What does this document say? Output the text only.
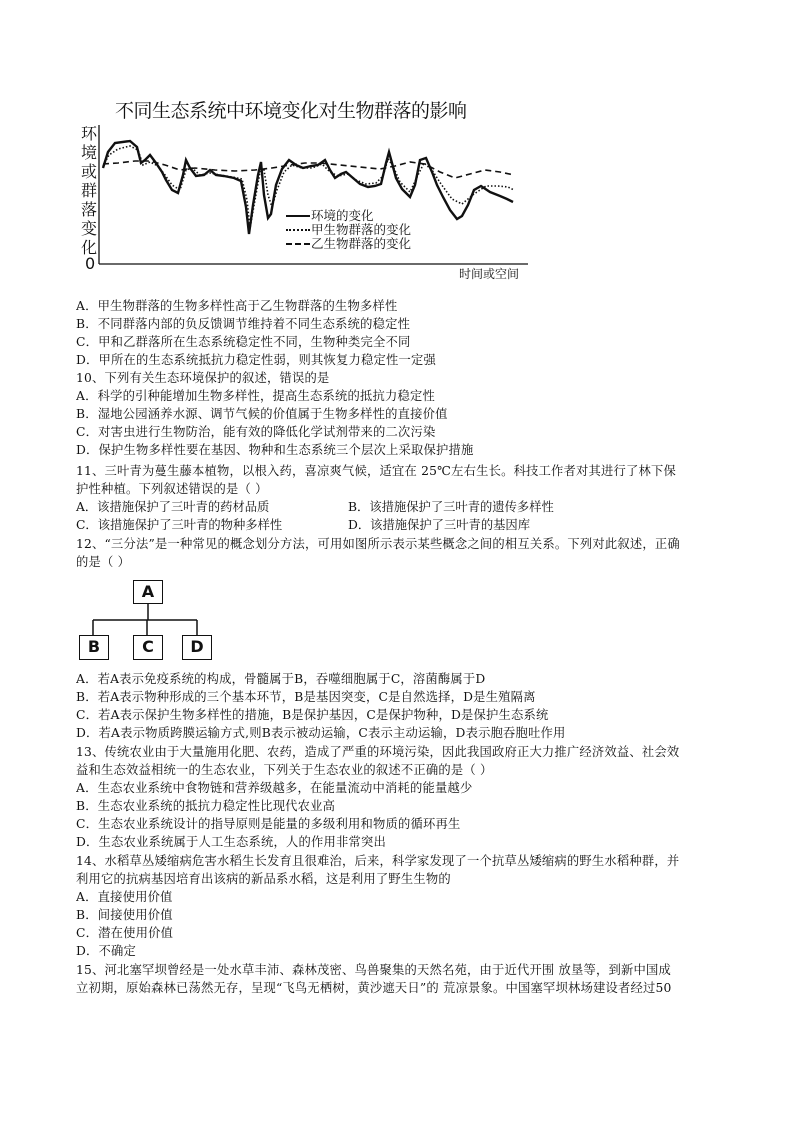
不同生态系统中环境变化对生物群落的影响
环境或群落变化
0
时间或空间
环境的变化
甲生物群落的变化
乙生物群落的变化

A．甲生物群落的生物多样性高于乙生物群落的生物多样性

B．不同群落内部的负反馈调节维持着不同生态系统的稳定性

C．甲和乙群落所在生态系统稳定性不同，生物种类完全不同

D．甲所在的生态系统抵抗力稳定性弱，则其恢复力稳定性一定强

10、下列有关生态环境保护的叙述，错误的是

A．科学的引种能增加生物多样性，提高生态系统的抵抗力稳定性

B．湿地公园涵养水源、调节气候的价值属于生物多样性的直接价值

C．对害虫进行生物防治，能有效的降低化学试剂带来的二次污染

D．保护生物多样性要在基因、物种和生态系统三个层次上采取保护措施

11、三叶青为蔓生藤本植物，以根入药，喜凉爽气候，适宜在 25℃左右生长。科技工作者对其进行了林下保

护性种植。下列叙述错误的是（ ）

A．该措施保护了三叶青的药材品质	B．该措施保护了三叶青的遗传多样性
C．该措施保护了三叶青的物种多样性	D．该措施保护了三叶青的基因库

12、“三分法”是一种常见的概念划分方法，可用如图所示表示某些概念之间的相互关系。下列对此叙述，正确

的是（ ）

A
B	C	D

A．若A表示免疫系统的构成，骨髓属于B，吞噬细胞属于C，溶菌酶属于D

B．若A表示物种形成的三个基本环节，B是基因突变，C是自然选择，D是生殖隔离

C．若A表示保护生物多样性的措施，B是保护基因，C是保护物种，D是保护生态系统

D．若A表示物质跨膜运输方式,则B表示被动运输，C表示主动运输，D表示胞吞胞吐作用

13、传统农业由于大量施用化肥、农药，造成了严重的环境污染，因此我国政府正大力推广经济效益、社会效

益和生态效益相统一的生态农业，下列关于生态农业的叙述不正确的是（ ）

A．生态农业系统中食物链和营养级越多，在能量流动中消耗的能量越少

B．生态农业系统的抵抗力稳定性比现代农业高

C．生态农业系统设计的指导原则是能量的多级利用和物质的循环再生

D．生态农业系统属于人工生态系统，人的作用非常突出

14、水稻草丛矮缩病危害水稻生长发育且很难治，后来，科学家发现了一个抗草丛矮缩病的野生水稻种群，并

利用它的抗病基因培育出该病的新品系水稻，这是利用了野生生物的

A．直接使用价值

B．间接使用价值

C．潜在使用价值

D．不确定

15、河北塞罕坝曾经是一处水草丰沛、森林茂密、鸟兽聚集的天然名苑，由于近代开围 放垦等，到新中国成

立初期，原始森林已荡然无存，呈现“飞鸟无栖树，黄沙遮天日”的 荒凉景象。中国塞罕坝林场建设者经过50
